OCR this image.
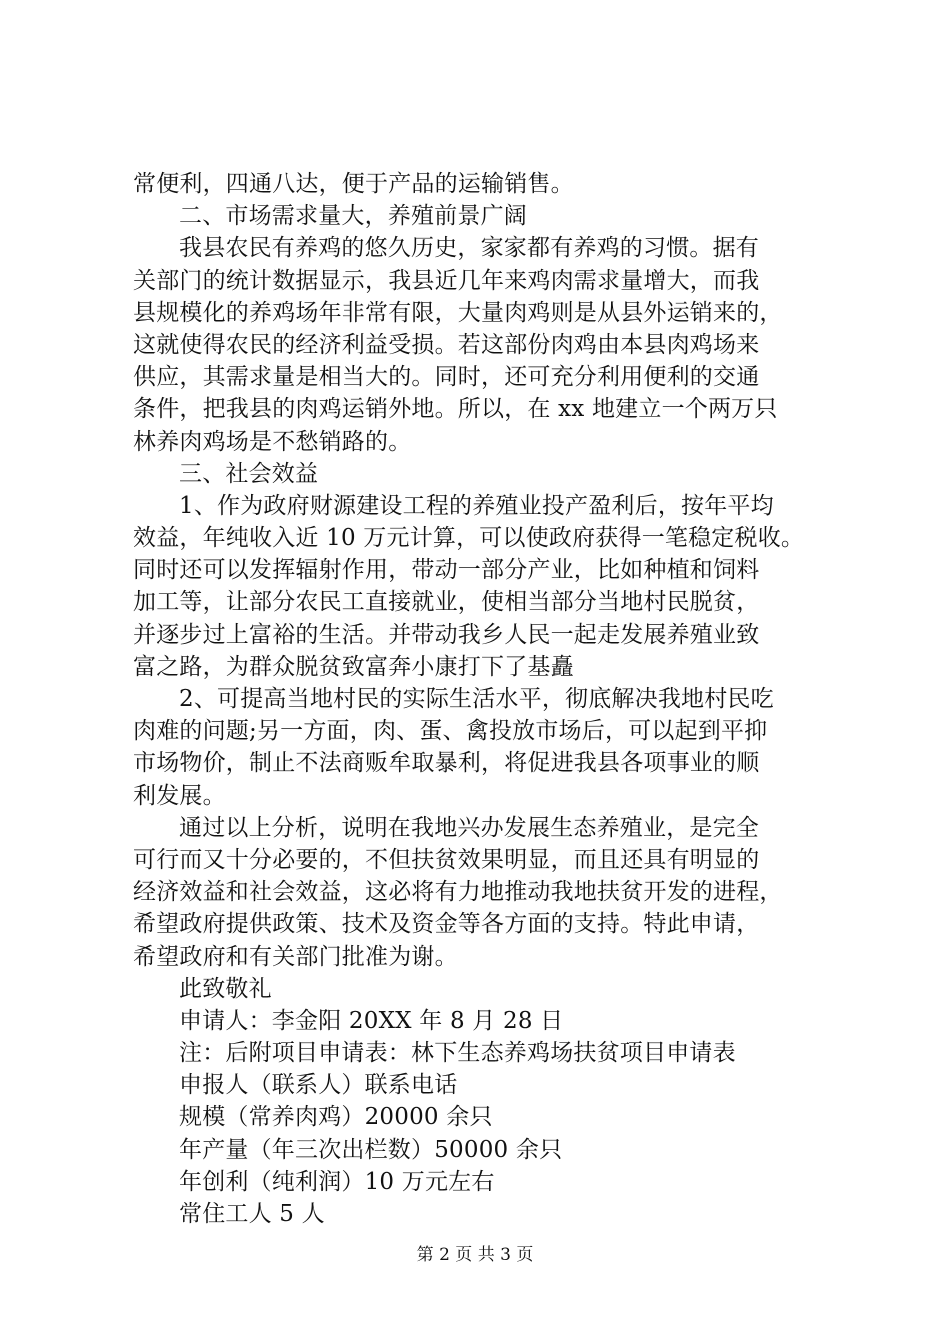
常便利，四通八达，便于产品的运输销售。
二、市场需求量大，养殖前景广阔
我县农民有养鸡的悠久历史，家家都有养鸡的习惯。据有
关部门的统计数据显示，我县近几年来鸡肉需求量增大，而我
县规模化的养鸡场年非常有限，大量肉鸡则是从县外运销来的，
这就使得农民的经济利益受损。若这部份肉鸡由本县肉鸡场来
供应，其需求量是相当大的。同时，还可充分利用便利的交通
条件，把我县的肉鸡运销外地。所以，在 xx 地建立一个两万只
林养肉鸡场是不愁销路的。
三、社会效益
1、作为政府财源建设工程的养殖业投产盈利后，按年平均
效益，年纯收入近 10 万元计算，可以使政府获得一笔稳定税收。
同时还可以发挥辐射作用，带动一部分产业，比如种植和饲料
加工等，让部分农民工直接就业，使相当部分当地村民脱贫，
并逐步过上富裕的生活。并带动我乡人民一起走发展养殖业致
富之路，为群众脱贫致富奔小康打下了基矗
2、可提高当地村民的实际生活水平，彻底解决我地村民吃
肉难的问题;另一方面，肉、蛋、禽投放市场后，可以起到平抑
市场物价，制止不法商贩牟取暴利，将促进我县各项事业的顺
利发展。
通过以上分析，说明在我地兴办发展生态养殖业，是完全
可行而又十分必要的，不但扶贫效果明显，而且还具有明显的
经济效益和社会效益，这必将有力地推动我地扶贫开发的进程，
希望政府提供政策、技术及资金等各方面的支持。特此申请，
希望政府和有关部门批准为谢。
此致敬礼
申请人：李金阳 20XX 年 8 月 28 日
注：后附项目申请表：林下生态养鸡场扶贫项目申请表
申报人（联系人）联系电话
规模（常养肉鸡）20000 余只
年产量（年三次出栏数）50000 余只
年创利（纯利润）10 万元左右
常住工人 5 人
第 2 页 共 3 页
